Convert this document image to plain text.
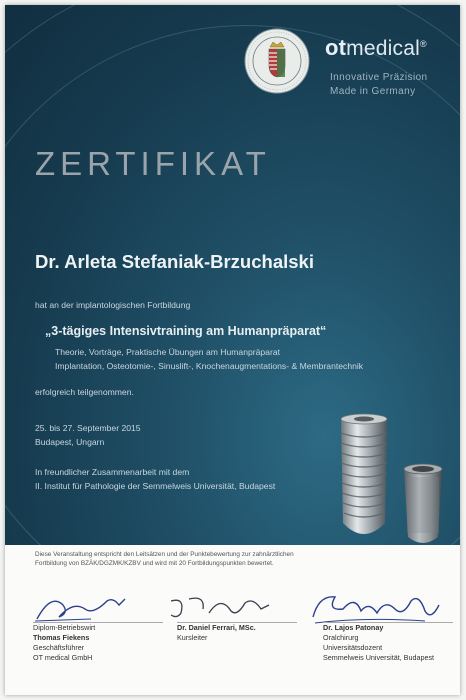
otmedical®
Innovative Präzision
Made in Germany
ZERTIFIKAT
Dr. Arleta Stefaniak-Brzuchalski
hat an der implantologischen Fortbildung
„3-tägiges Intensivtraining am Humanpräparat“
Theorie, Vorträge, Praktische Übungen am Humanpräparat
Implantation, Osteotomie-, Sinuslift-, Knochenaugmentations- & Membrantechnik
erfolgreich teilgenommen.
25. bis 27. September 2015
Budapest, Ungarn
In freundlicher Zusammenarbeit mit dem
II. Institut für Pathologie der Semmelweis Universität, Budapest
Diese Veranstaltung entspricht den Leitsätzen und der Punktebewertung zur zahnärztlichen
Fortbildung von BZÄK/DGZMK/KZBV und wird mit 20 Fortbildungspunkten bewertet.
Diplom-Betriebswirt
Thomas Fiekens
Geschäftsführer
OT medical GmbH
Dr. Daniel Ferrari, MSc.
Kursleiter
Dr. Lajos Patonay
Oralchirurg
Universitätsdozent
Semmelweis Universität, Budapest
